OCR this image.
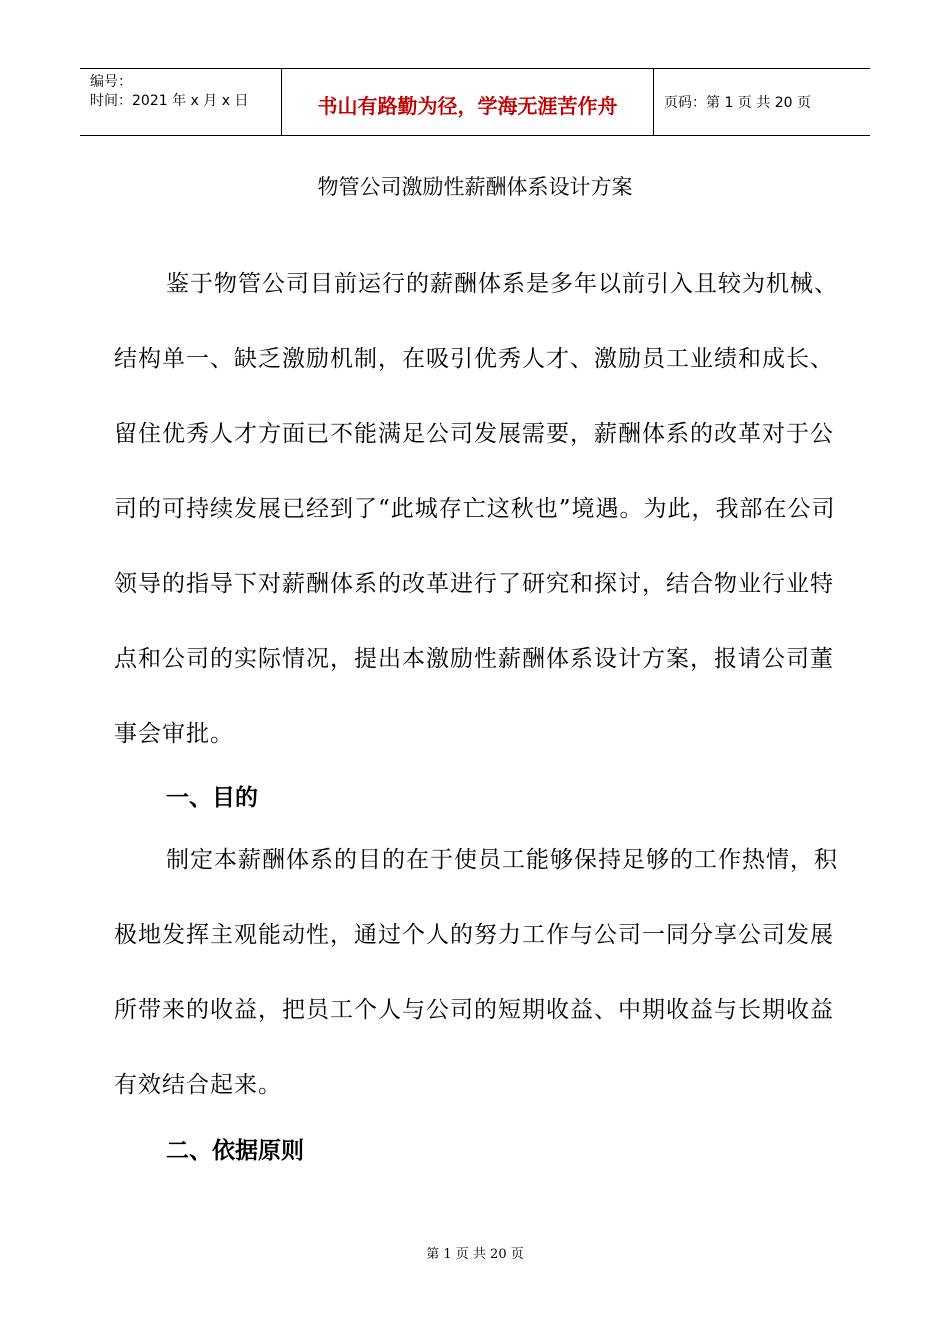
编号：
时间：2021 年 x 月 x 日	书山有路勤为径，学海无涯苦作舟	页码：第 1 页 共 20 页
物管公司激励性薪酬体系设计方案

鉴于物管公司目前运行的薪酬体系是多年以前引入且较为机械、结构单一、缺乏激励机制，在吸引优秀人才、激励员工业绩和成长、留住优秀人才方面已不能满足公司发展需要，薪酬体系的改革对于公司的可持续发展已经到了“此城存亡这秋也”境遇。为此，我部在公司领导的指导下对薪酬体系的改革进行了研究和探讨，结合物业行业特点和公司的实际情况，提出本激励性薪酬体系设计方案，报请公司董事会审批。

一、目的

制定本薪酬体系的目的在于使员工能够保持足够的工作热情，积极地发挥主观能动性，通过个人的努力工作与公司一同分享公司发展所带来的收益，把员工个人与公司的短期收益、中期收益与长期收益有效结合起来。

二、依据原则
第 1 页 共 20 页
